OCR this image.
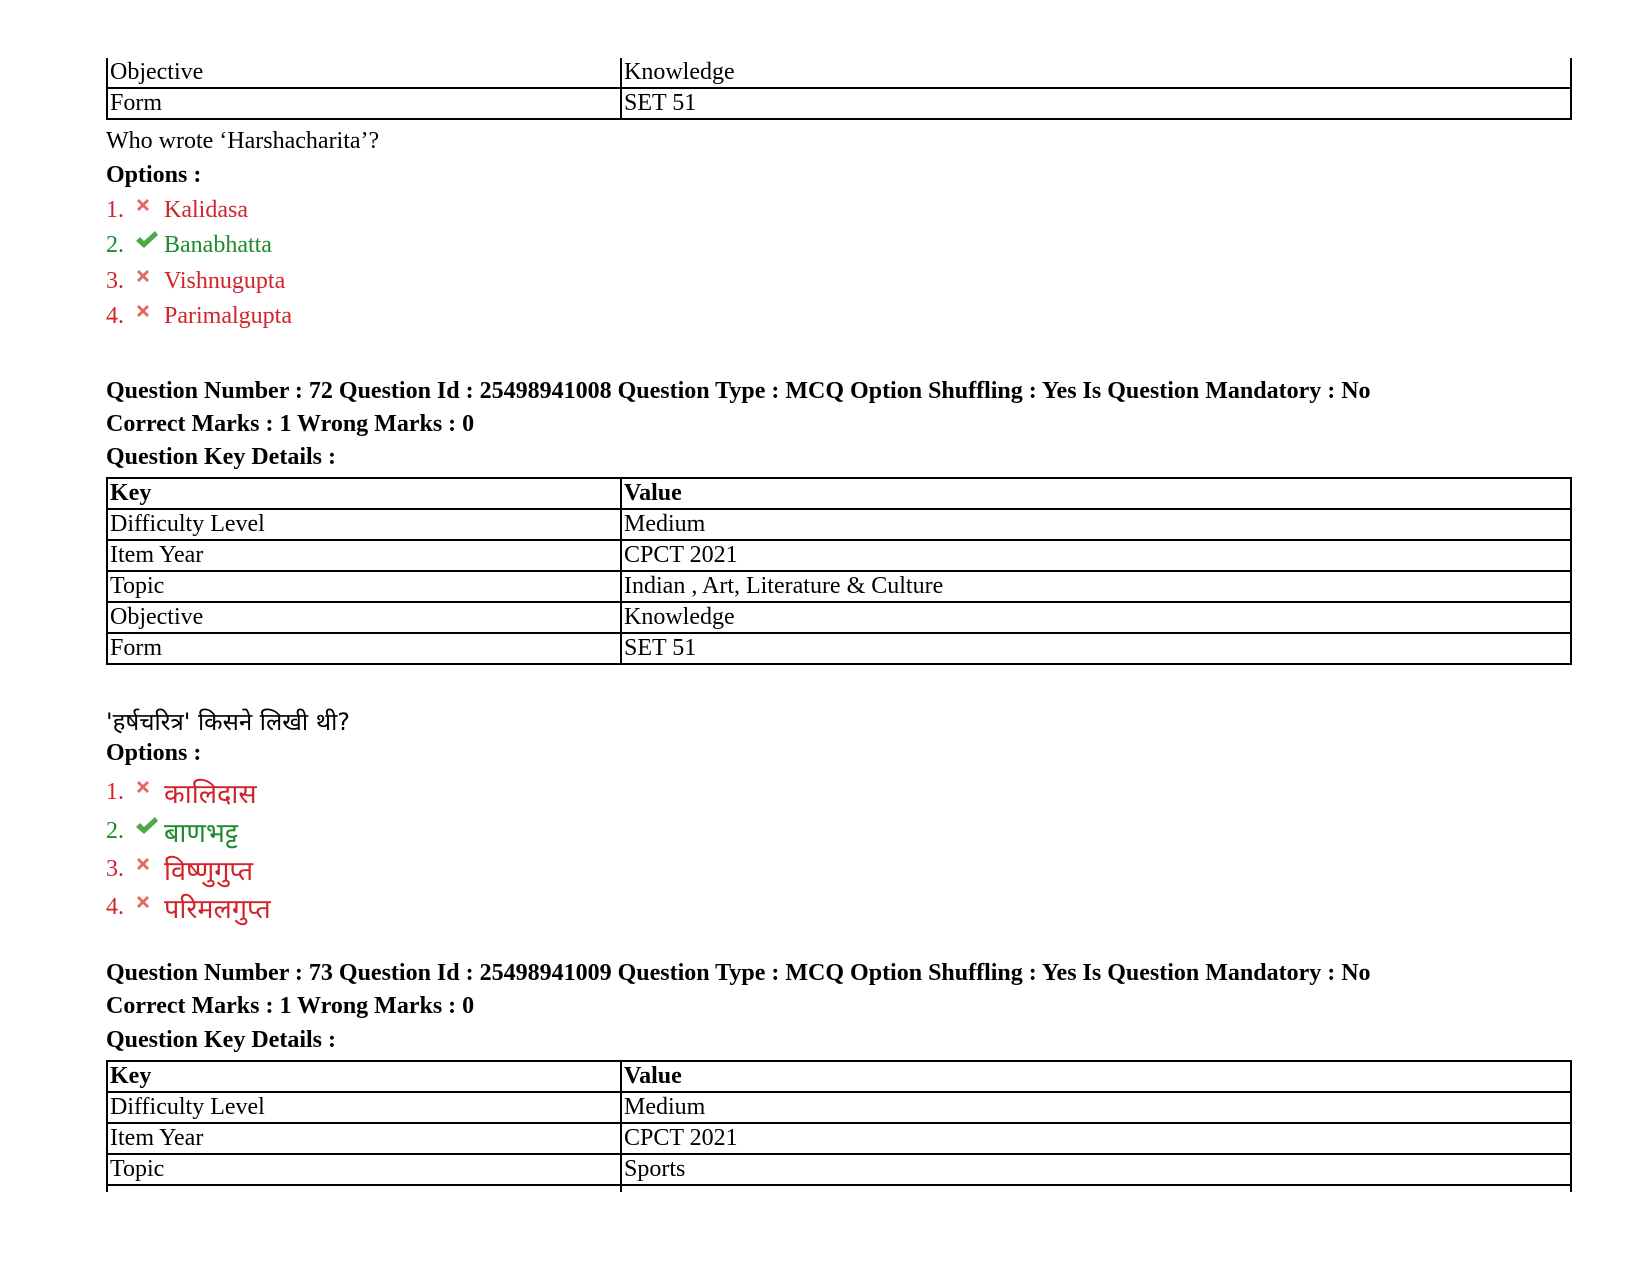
Objective	Knowledge
Form	SET 51
Who wrote ‘Harshacharita’?
Options :
1.	Kalidasa
2.	Banabhatta
3.	Vishnugupta
4.	Parimalgupta
Question Number : 72 Question Id : 25498941008 Question Type : MCQ Option Shuffling : Yes Is Question Mandatory : No
Correct Marks : 1 Wrong Marks : 0
Question Key Details :
Key	Value
Difficulty Level	Medium
Item Year	CPCT 2021
Topic	Indian , Art, Literature & Culture
Objective	Knowledge
Form	SET 51
'हर्षचरित्र' किसने लिखी थी?
Options :
1.	कालिदास
2.	बाणभट्ट
3.	विष्णुगुप्त
4.	परिमलगुप्त
Question Number : 73 Question Id : 25498941009 Question Type : MCQ Option Shuffling : Yes Is Question Mandatory : No
Correct Marks : 1 Wrong Marks : 0
Question Key Details :
Key	Value
Difficulty Level	Medium
Item Year	CPCT 2021
Topic	Sports
